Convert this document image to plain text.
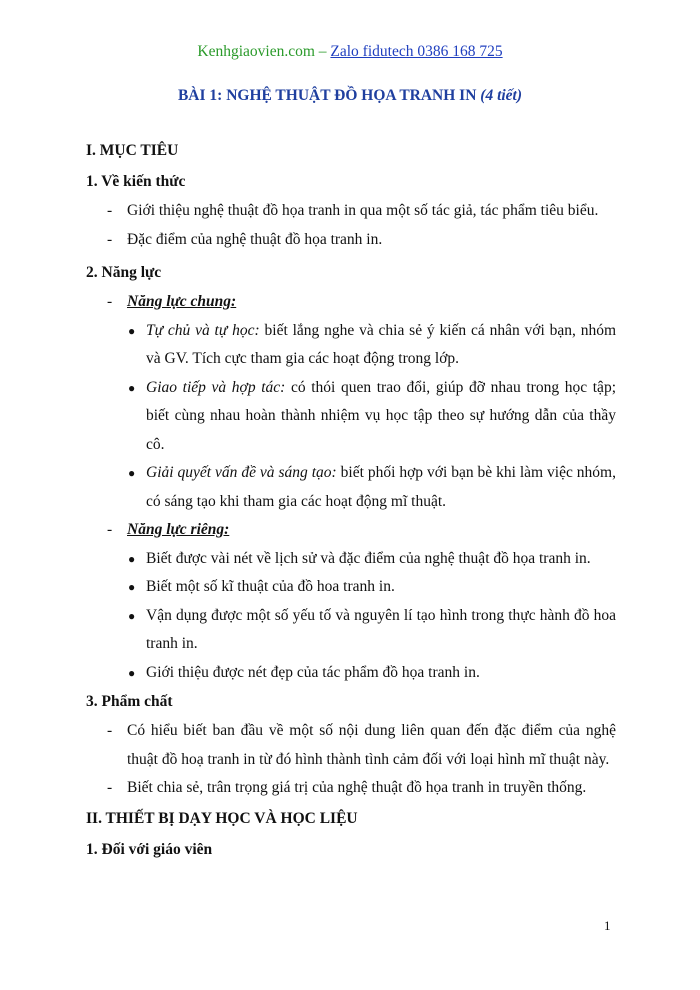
Kenhgiaovien.com – Zalo fidutech 0386 168 725
BÀI 1: NGHỆ THUẬT ĐỒ HỌA TRANH IN (4 tiết)
I. MỤC TIÊU
1. Về kiến thức
- Giới thiệu nghệ thuật đồ họa tranh in qua một số tác giả, tác phẩm tiêu biểu.
- Đặc điểm của nghệ thuật đồ họa tranh in.
2. Năng lực
- Năng lực chung:
● Tự chủ và tự học: biết lắng nghe và chia sẻ ý kiến cá nhân với bạn, nhóm và GV. Tích cực tham gia các hoạt động trong lớp.
● Giao tiếp và hợp tác: có thói quen trao đổi, giúp đỡ nhau trong học tập; biết cùng nhau hoàn thành nhiệm vụ học tập theo sự hướng dẫn của thầy cô.
● Giải quyết vấn đề và sáng tạo: biết phối hợp với bạn bè khi làm việc nhóm, có sáng tạo khi tham gia các hoạt động mĩ thuật.
- Năng lực riêng:
● Biết được vài nét về lịch sử và đặc điểm của nghệ thuật đồ họa tranh in.
● Biết một số kĩ thuật của đồ hoa tranh in.
● Vận dụng được một số yếu tố và nguyên lí tạo hình trong thực hành đồ hoa tranh in.
● Giới thiệu được nét đẹp của tác phẩm đồ họa tranh in.
3. Phẩm chất
- Có hiểu biết ban đầu về một số nội dung liên quan đến đặc điểm của nghệ thuật đồ hoạ tranh in từ đó hình thành tình cảm đối với loại hình mĩ thuật này.
- Biết chia sẻ, trân trọng giá trị của nghệ thuật đồ họa tranh in truyền thống.
II. THIẾT BỊ DẠY HỌC VÀ HỌC LIỆU
1. Đối với giáo viên
1
